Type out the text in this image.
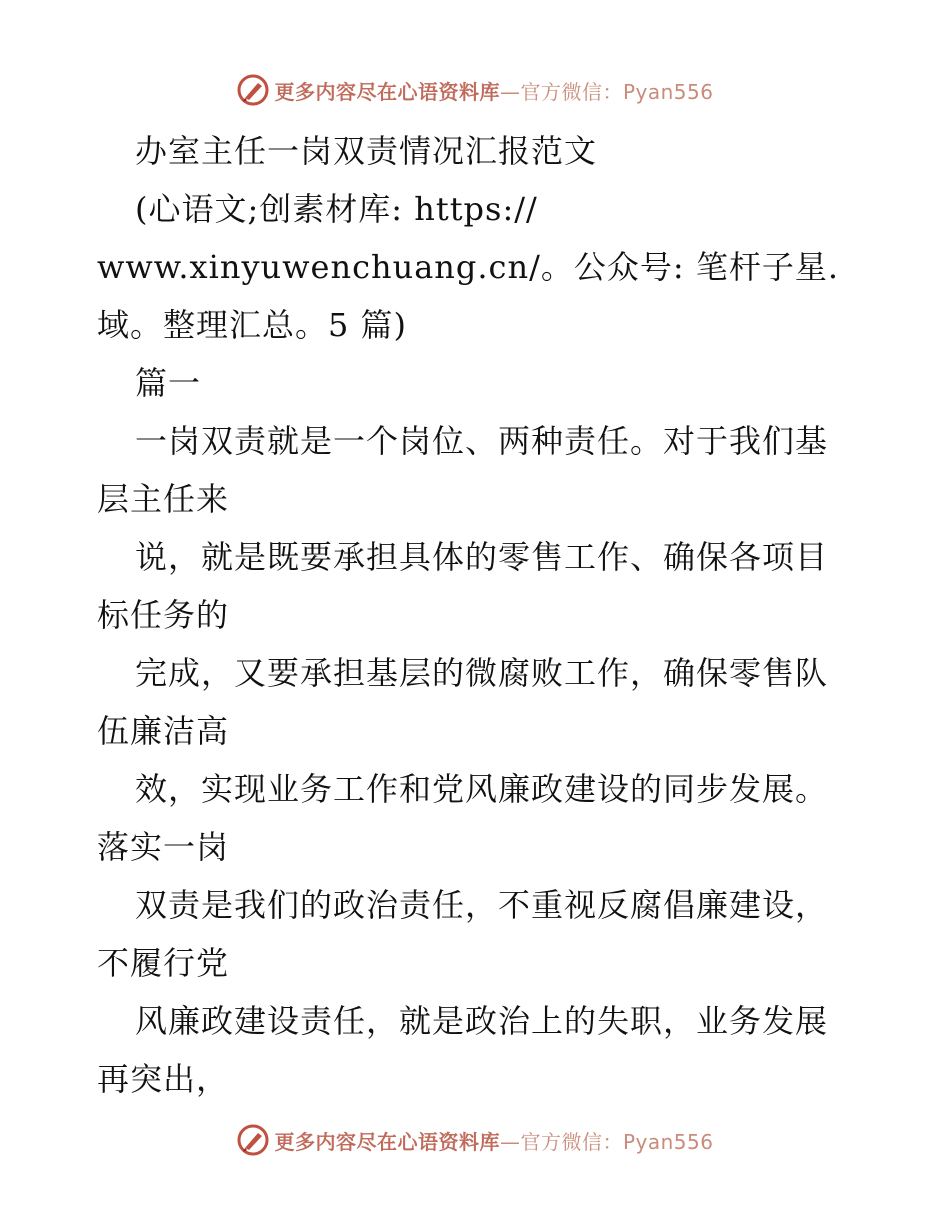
更多内容尽在心语资料库—官方微信：Pyan556
办室主任一岗双责情况汇报范文
(心语文;创素材库: https://
www.xinyuwenchuang.cn/。公众号: 笔杆子星.
域。整理汇总。5 篇)
篇一
一岗双责就是一个岗位、两种责任。对于我们基
层主任来
说，就是既要承担具体的零售工作、确保各项目
标任务的
完成，又要承担基层的微腐败工作，确保零售队
伍廉洁高
效，实现业务工作和党风廉政建设的同步发展。
落实一岗
双责是我们的政治责任，不重视反腐倡廉建设，
不履行党
风廉政建设责任，就是政治上的失职，业务发展
再突出，
更多内容尽在心语资料库—官方微信：Pyan556
